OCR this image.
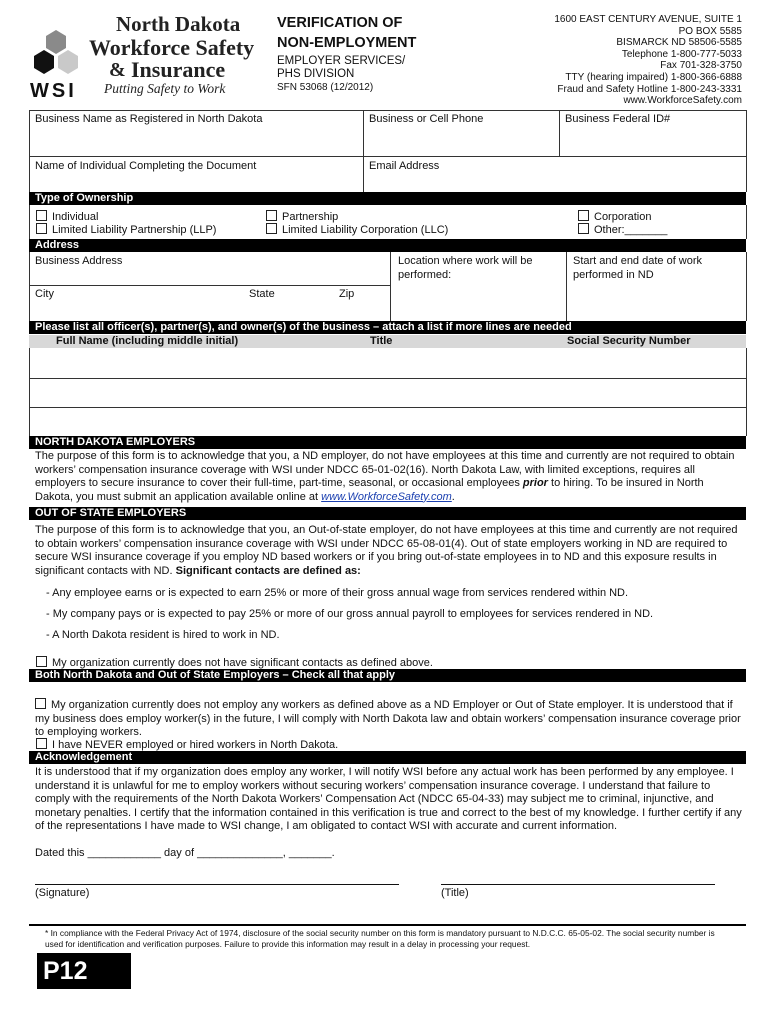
WSI
North Dakota
Workforce Safety
& Insurance
Putting Safety to Work
VERIFICATION OF
NON-EMPLOYMENT
EMPLOYER SERVICES/
PHS DIVISION
SFN 53068 (12/2012)
1600 EAST CENTURY AVENUE, SUITE 1
PO BOX 5585
BISMARCK ND 58506-5585
Telephone 1-800-777-5033
Fax 701-328-3750
TTY (hearing impaired) 1-800-366-6888
Fraud and Safety Hotline 1-800-243-3331
www.WorkforceSafety.com
Business Name as Registered in North Dakota	Business or Cell Phone	Business Federal ID#
Name of Individual Completing the Document	Email Address
Type of Ownership
Individual	Partnership	Corporation
Limited Liability Partnership (LLP)	Limited Liability Corporation (LLC)	Other:_______
Address
Business Address	Location where work will be
performed:
Start and end date of work
performed in ND
City	State	Zip
Please list all officer(s), partner(s), and owner(s) of the business – attach a list if more lines are needed
Full Name (including middle initial)	Title	Social Security Number
NORTH DAKOTA EMPLOYERS

The purpose of this form is to acknowledge that you, a ND employer, do not have employees at this time and currently are not required to obtain workers’ compensation insurance coverage with WSI under NDCC 65-01-02(16). North Dakota Law, with limited exceptions, requires all employers to secure insurance to cover their full-time, part-time, seasonal, or occasional employees prior to hiring. To be insured in North Dakota, you must submit an application available online at www.WorkforceSafety.com.

OUT OF STATE EMPLOYERS

The purpose of this form is to acknowledge that you, an Out-of-state employer, do not have employees at this time and currently are not required to obtain workers’ compensation insurance coverage with WSI under NDCC 65-08-01(4). Out of state employers working in ND are required to secure WSI insurance coverage if you employ ND based workers or if you bring out-of-state employees in to ND and this exposure results in significant contacts with ND. Significant contacts are defined as:

- Any employee earns or is expected to earn 25% or more of their gross annual wage from services rendered within ND.
- My company pays or is expected to pay 25% or more of our gross annual payroll to employees for services rendered in ND.
- A North Dakota resident is hired to work in ND.
My organization currently does not have significant contacts as defined above.
Both North Dakota and Out of State Employers – Check all that apply

My organization currently does not employ any workers as defined above as a ND Employer or Out of State employer. It is understood that if my business does employ worker(s) in the future, I will comply with North Dakota law and obtain workers’ compensation insurance coverage prior to employing workers.

I have NEVER employed or hired workers in North Dakota.
Acknowledgement

It is understood that if my organization does employ any worker, I will notify WSI before any actual work has been performed by any employee. I understand it is unlawful for me to employ workers without securing workers’ compensation insurance coverage. I understand that failure to comply with the requirements of the North Dakota Workers’ Compensation Act (NDCC 65-04-33) may subject me to criminal, injunctive, and monetary penalties. I certify that the information contained in this verification is true and correct to the best of my knowledge. I further certify if any of the representations I have made to WSI change, I am obligated to contact WSI with accurate and current information.

Dated this ____________ day of ______________, _______.
(Signature)	(Title)
* In compliance with the Federal Privacy Act of 1974, disclosure of the social security number on this form is mandatory pursuant to N.D.C.C. 65-05-02. The social security number is used for identification and verification purposes. Failure to provide this information may result in a delay in processing your request.
P12
